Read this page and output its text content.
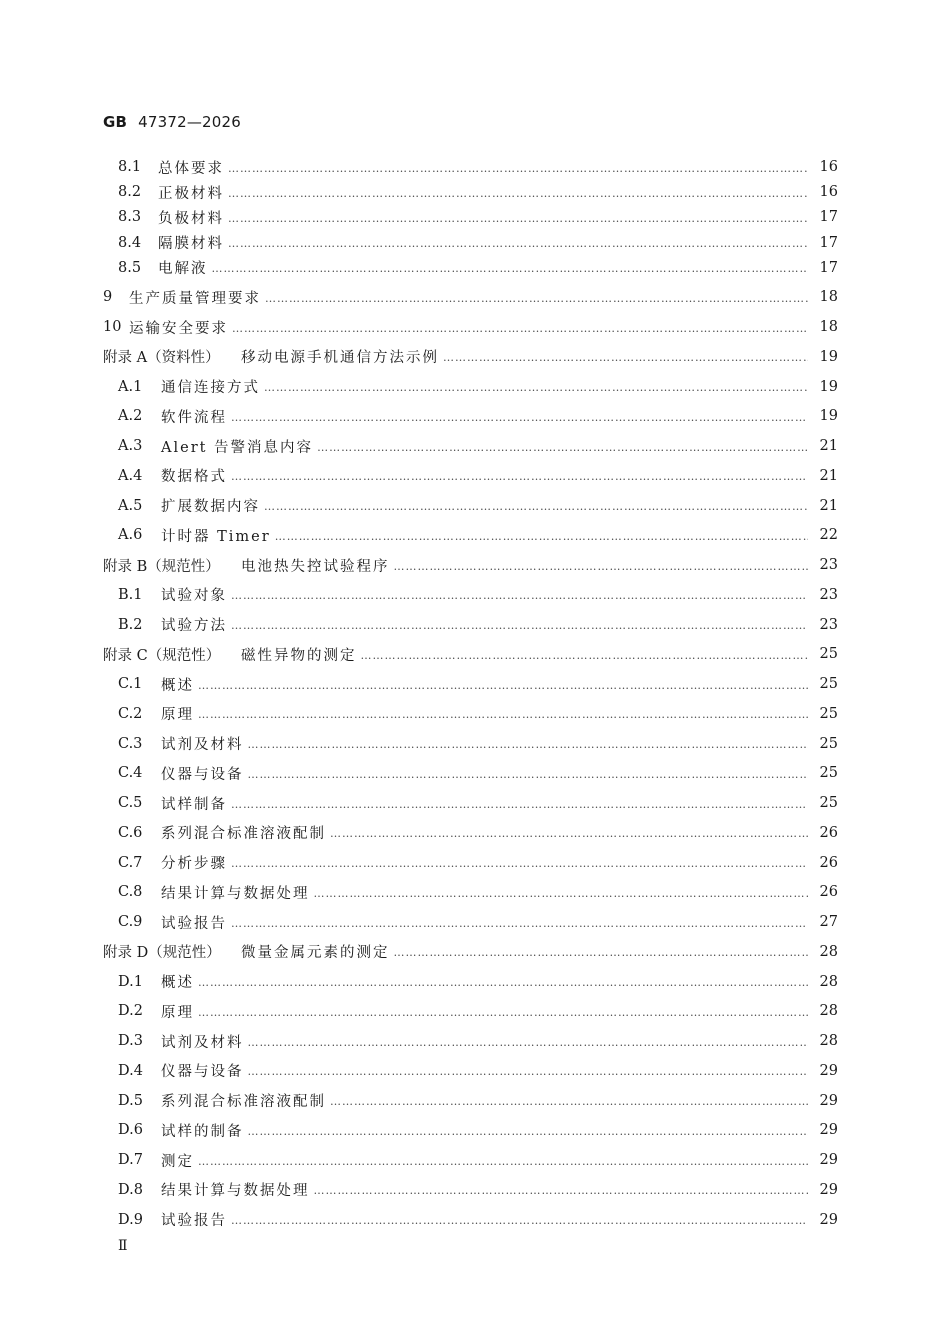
GB 47372—2026
8.1	总体要求 …………………………………………………………………………………………………………………………………………………………………………………………………………	16
8.2	正极材料 …………………………………………………………………………………………………………………………………………………………………………………………………………	16
8.3	负极材料 …………………………………………………………………………………………………………………………………………………………………………………………………………	17
8.4	隔膜材料 …………………………………………………………………………………………………………………………………………………………………………………………………………	17
8.5	电解液 …………………………………………………………………………………………………………………………………………………………………………………………………………	17
9	生产质量管理要求 …………………………………………………………………………………………………………………………………………………………………………………………………………	18
10 运输安全要求 …………………………………………………………………………………………………………………………………………………………………………………………………………	18
附录 A（资料性）	移动电源手机通信方法示例 …………………………………………………………………………………………………………………………………………………………………………………………………………	19
A.1	通信连接方式 …………………………………………………………………………………………………………………………………………………………………………………………………………	19
A.2	软件流程 …………………………………………………………………………………………………………………………………………………………………………………………………………	19
A.3	Alert 告警消息内容 …………………………………………………………………………………………………………………………………………………………………………………………………………	21
A.4	数据格式 …………………………………………………………………………………………………………………………………………………………………………………………………………	21
A.5	扩展数据内容 …………………………………………………………………………………………………………………………………………………………………………………………………………	21
A.6	计时器 Timer …………………………………………………………………………………………………………………………………………………………………………………………………………	22
附录 B（规范性）	电池热失控试验程序 …………………………………………………………………………………………………………………………………………………………………………………………………………	23
B.1	试验对象 …………………………………………………………………………………………………………………………………………………………………………………………………………	23
B.2	试验方法 …………………………………………………………………………………………………………………………………………………………………………………………………………	23
附录 C（规范性）	磁性异物的测定 …………………………………………………………………………………………………………………………………………………………………………………………………………	25
C.1	概述 …………………………………………………………………………………………………………………………………………………………………………………………………………	25
C.2	原理 …………………………………………………………………………………………………………………………………………………………………………………………………………	25
C.3	试剂及材料 …………………………………………………………………………………………………………………………………………………………………………………………………………	25
C.4	仪器与设备 …………………………………………………………………………………………………………………………………………………………………………………………………………	25
C.5	试样制备 …………………………………………………………………………………………………………………………………………………………………………………………………………	25
C.6	系列混合标准溶液配制 …………………………………………………………………………………………………………………………………………………………………………………………………………	26
C.7	分析步骤 …………………………………………………………………………………………………………………………………………………………………………………………………………	26
C.8	结果计算与数据处理 …………………………………………………………………………………………………………………………………………………………………………………………………………	26
C.9	试验报告 …………………………………………………………………………………………………………………………………………………………………………………………………………	27
附录 D（规范性）	微量金属元素的测定 …………………………………………………………………………………………………………………………………………………………………………………………………………	28
D.1	概述 …………………………………………………………………………………………………………………………………………………………………………………………………………	28
D.2	原理 …………………………………………………………………………………………………………………………………………………………………………………………………………	28
D.3	试剂及材料 …………………………………………………………………………………………………………………………………………………………………………………………………………	28
D.4	仪器与设备 …………………………………………………………………………………………………………………………………………………………………………………………………………	29
D.5	系列混合标准溶液配制 …………………………………………………………………………………………………………………………………………………………………………………………………………	29
D.6	试样的制备 …………………………………………………………………………………………………………………………………………………………………………………………………………	29
D.7	测定 …………………………………………………………………………………………………………………………………………………………………………………………………………	29
D.8	结果计算与数据处理 …………………………………………………………………………………………………………………………………………………………………………………………………………	29
D.9	试验报告 …………………………………………………………………………………………………………………………………………………………………………………………………………	29
Ⅱ
